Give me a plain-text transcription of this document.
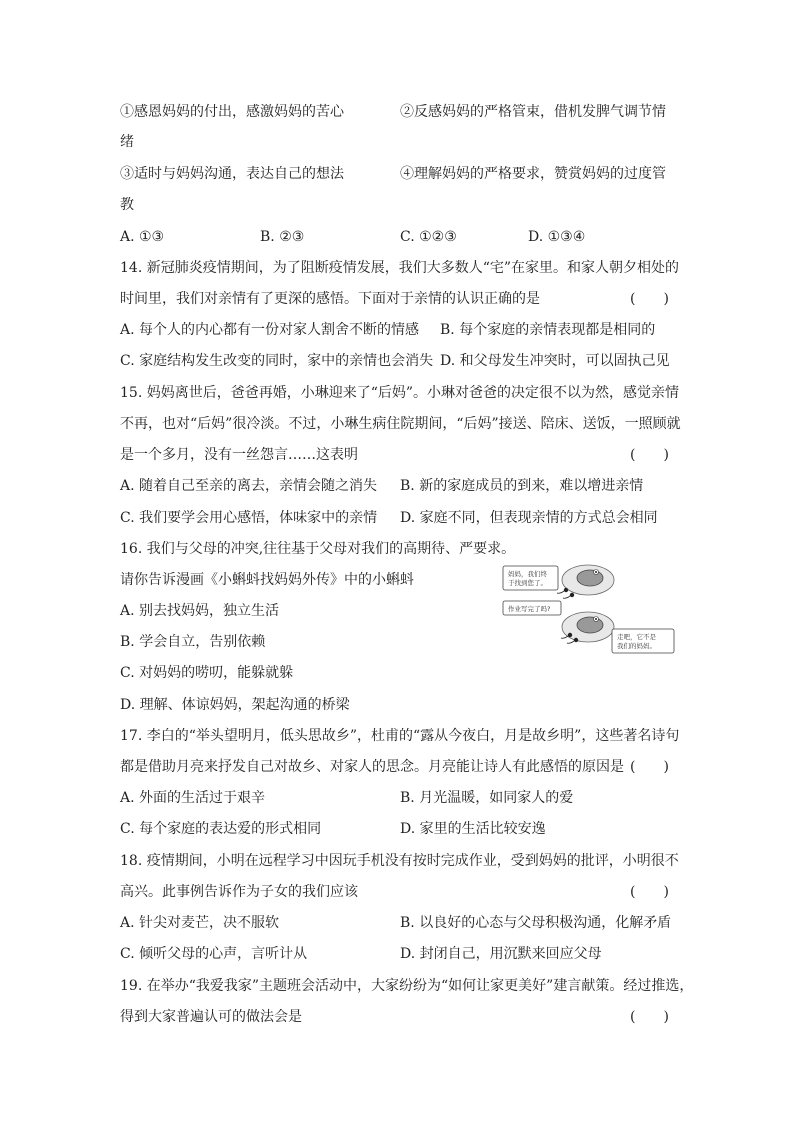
①感恩妈妈的付出，感激妈妈的苦心	②反感妈妈的严格管束，借机发脾气调节情
绪
③适时与妈妈沟通，表达自己的想法	④理解妈妈的严格要求，赞赏妈妈的过度管
教
A. ①③	B. ②③	C. ①②③	D. ①③④
14. 新冠肺炎疫情期间，为了阻断疫情发展，我们大多数人“宅”在家里。和家人朝夕相处的
时间里，我们对亲情有了更深的感悟。下面对于亲情的认识正确的是	(　　)
A. 每个人的内心都有一份对家人割舍不断的情感 B. 每个家庭的亲情表现都是相同的
C. 家庭结构发生改变的同时，家中的亲情也会消失 D. 和父母发生冲突时，可以固执己见
15. 妈妈离世后，爸爸再婚，小琳迎来了“后妈”。小琳对爸爸的决定很不以为然，感觉亲情
不再，也对“后妈”很冷淡。不过，小琳生病住院期间，“后妈”接送、陪床、送饭，一照顾就
是一个多月，没有一丝怨言……这表明	(　　)
A. 随着自己至亲的离去，亲情会随之消失 B. 新的家庭成员的到来，难以增进亲情
C. 我们要学会用心感悟，体味家中的亲情 D. 家庭不同，但表现亲情的方式总会相同
16. 我们与父母的冲突,往往基于父母对我们的高期待、严要求。
请你告诉漫画《小蝌蚪找妈妈外传》中的小蝌蚪
A. 别去找妈妈，独立生活
B. 学会自立，告别依赖
C. 对妈妈的唠叨，能躲就躲
D. 理解、体谅妈妈，架起沟通的桥梁
妈妈，我们终
于找到您了。
作业写完了吗?
走吧，它不是
我们的妈妈。
17. 李白的“举头望明月，低头思故乡”，杜甫的“露从今夜白，月是故乡明”，这些著名诗句
都是借助月亮来抒发自己对故乡、对家人的思念。月亮能让诗人有此感悟的原因是 (　　)
A. 外面的生活过于艰辛	B. 月光温暖，如同家人的爱
C. 每个家庭的表达爱的形式相同	D. 家里的生活比较安逸
18. 疫情期间，小明在远程学习中因玩手机没有按时完成作业，受到妈妈的批评，小明很不
高兴。此事例告诉作为子女的我们应该	(　　)
A. 针尖对麦芒，决不服软	B. 以良好的心态与父母积极沟通，化解矛盾
C. 倾听父母的心声，言听计从	D. 封闭自己，用沉默来回应父母
19. 在举办“我爱我家”主题班会活动中，大家纷纷为“如何让家更美好”建言献策。经过推选，
得到大家普遍认可的做法会是	(　　)
